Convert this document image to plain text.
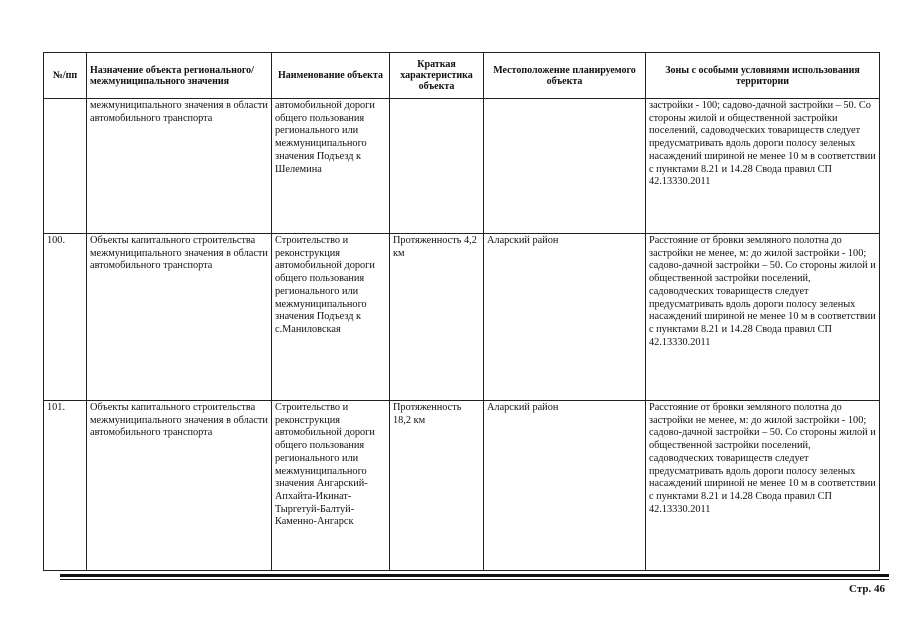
№/пп	Назначение объекта регионального/ межмуниципального значения	Наименование объекта	Краткая характеристика объекта	Местоположение планируемого объекта	Зоны с особыми условиями использования территории
	межмуниципального значения в области автомобильного транспорта	автомобильной дороги общего пользования регионального или межмуниципального значения Подъезд к Шелемина			застройки - 100; садово-дачной застройки – 50. Со стороны жилой и общественной застройки поселений, садоводческих товариществ следует предусматривать вдоль дороги полосу зеленых насаждений шириной не менее 10 м в соответствии с пунктами 8.21 и 14.28 Свода правил СП 42.13330.2011
100.	Объекты капитального строительства межмуниципального значения в области автомобильного транспорта	Строительство и реконструкция автомобильной дороги общего пользования регионального или межмуниципального значения Подъезд к с.Маниловская	Протяженность 4,2 км	Аларский район	Расстояние от бровки земляного полотна до застройки не менее, м: до жилой застройки - 100; садово-дачной застройки – 50. Со стороны жилой и общественной застройки поселений, садоводческих товариществ следует предусматривать вдоль дороги полосу зеленых насаждений шириной не менее 10 м в соответствии с пунктами 8.21 и 14.28 Свода правил СП 42.13330.2011
101.	Объекты капитального строительства межмуниципального значения в области автомобильного транспорта	Строительство и реконструкция автомобильной дороги общего пользования регионального или межмуниципального значения Ангарский-Апхайта-Икинат-Тыргетуй-Балтуй-Каменно-Ангарск	Протяженность 18,2 км	Аларский район	Расстояние от бровки земляного полотна до застройки не менее, м: до жилой застройки - 100; садово-дачной застройки – 50. Со стороны жилой и общественной застройки поселений, садоводческих товариществ следует предусматривать вдоль дороги полосу зеленых насаждений шириной не менее 10 м в соответствии с пунктами 8.21 и 14.28 Свода правил СП 42.13330.2011
Стр. 46
